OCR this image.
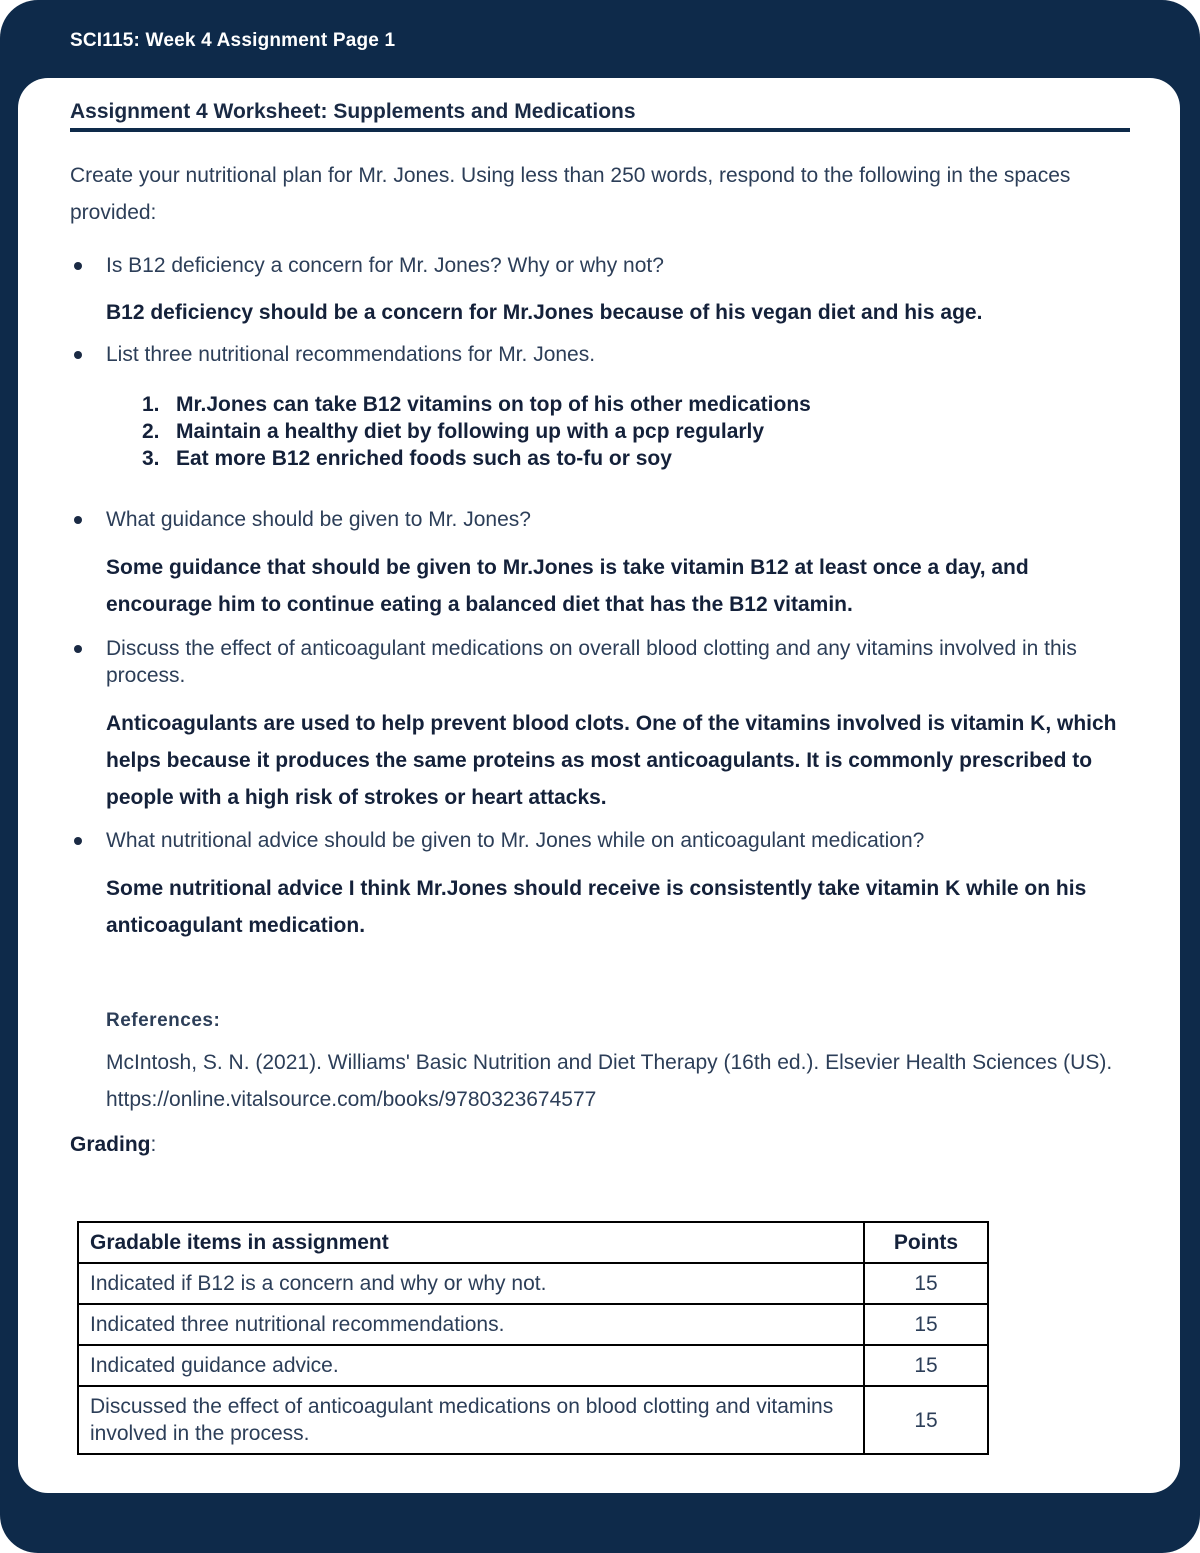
SCI115: Week 4 Assignment Page 1
Assignment 4 Worksheet: Supplements and Medications
Create your nutritional plan for Mr. Jones. Using less than 250 words, respond to the following in the spaces provided:
Is B12 deficiency a concern for Mr. Jones? Why or why not?
B12 deficiency should be a concern for Mr.Jones because of his vegan diet and his age.
List three nutritional recommendations for Mr. Jones.
1. Mr.Jones can take B12 vitamins on top of his other medications
2. Maintain a healthy diet by following up with a pcp regularly
3. Eat more B12 enriched foods such as to-fu or soy
What guidance should be given to Mr. Jones?
Some guidance that should be given to Mr.Jones is take vitamin B12 at least once a day, and encourage him to continue eating a balanced diet that has the B12 vitamin.
Discuss the effect of anticoagulant medications on overall blood clotting and any vitamins involved in this process.
Anticoagulants are used to help prevent blood clots. One of the vitamins involved is vitamin K, which helps because it produces the same proteins as most anticoagulants. It is commonly prescribed to people with a high risk of strokes or heart attacks.
What nutritional advice should be given to Mr. Jones while on anticoagulant medication?
Some nutritional advice I think Mr.Jones should receive is consistently take vitamin K while on his anticoagulant medication.
References:
McIntosh, S. N. (2021). Williams' Basic Nutrition and Diet Therapy (16th ed.). Elsevier Health Sciences (US). https://online.vitalsource.com/books/9780323674577
Grading:
Gradable items in assignment	Points
Indicated if B12 is a concern and why or why not.	15
Indicated three nutritional recommendations.	15
Indicated guidance advice.	15
Discussed the effect of anticoagulant medications on blood clotting and vitamins involved in the process.	15
